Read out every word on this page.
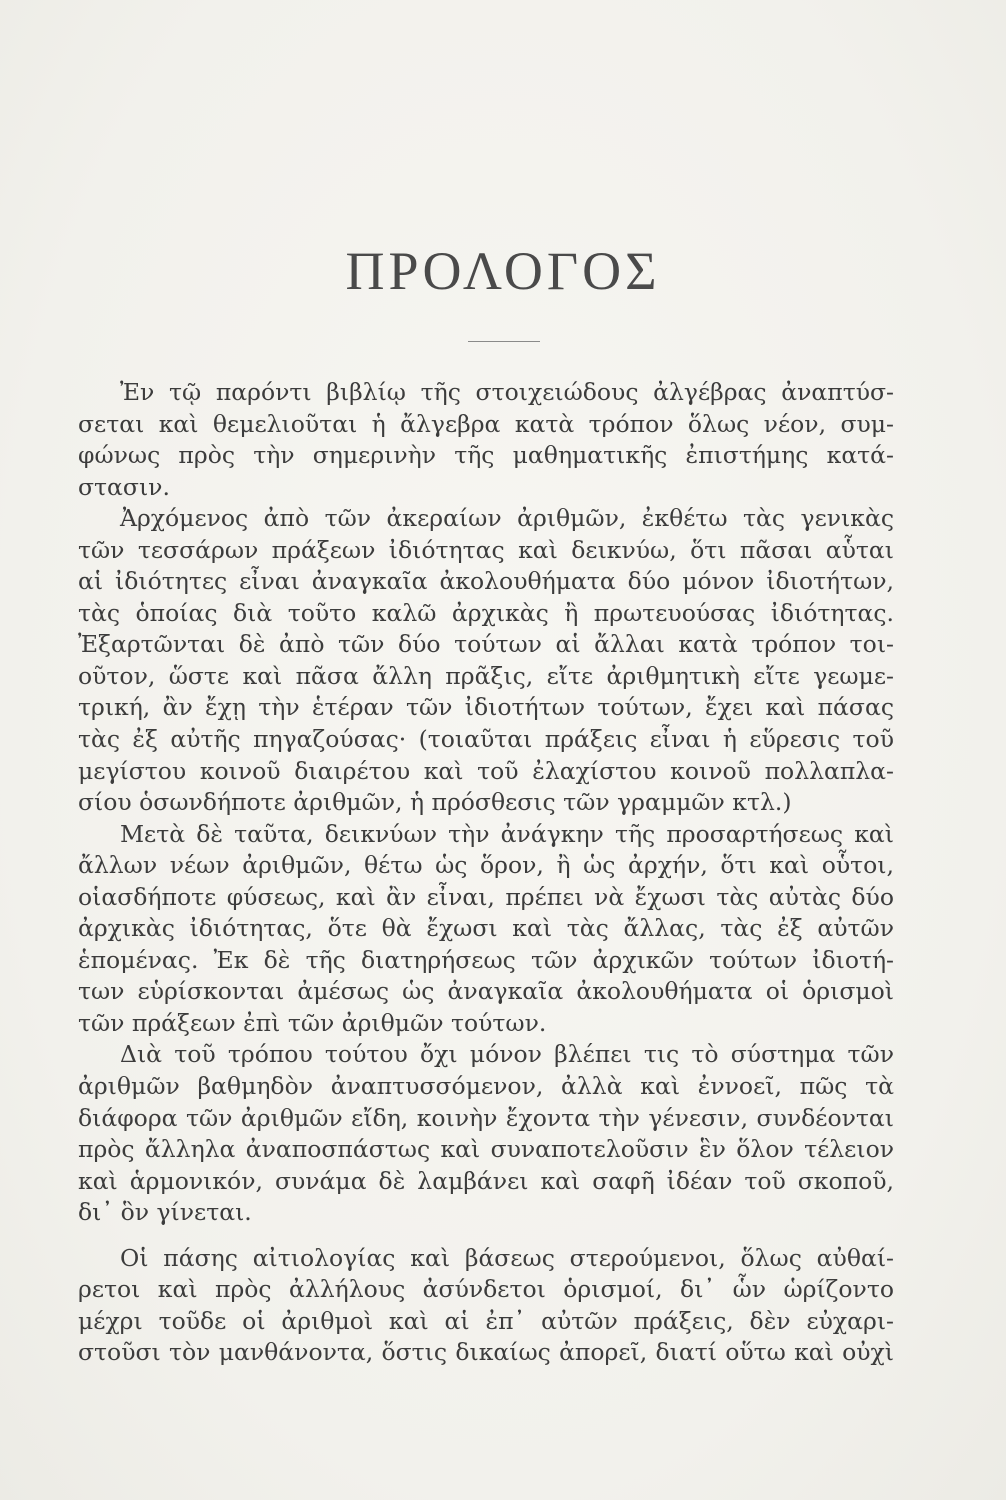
ΠΡΟΛΟΓΟΣ
Ἐν τῷ παρόντι βιβλίῳ τῆς στοιχειώδους ἀλγέβρας ἀναπτύσ-
σεται καὶ θεμελιοῦται ἡ ἄλγεβρα κατὰ τρόπον ὅλως νέον, συμ-
φώνως πρὸς τὴν σημερινὴν τῆς μαθηματικῆς ἐπιστήμης κατά-
στασιν.
Ἀρχόμενος ἀπὸ τῶν ἀκεραίων ἀριθμῶν, ἐκθέτω τὰς γενικὰς
τῶν τεσσάρων πράξεων ἰδιότητας καὶ δεικνύω, ὅτι πᾶσαι αὗται
αἱ ἰδιότητες εἶναι ἀναγκαῖα ἀκολουθήματα δύο μόνον ἰδιοτήτων,
τὰς ὁποίας διὰ τοῦτο καλῶ ἀρχικὰς ἢ πρωτευούσας ἰδιότητας.
Ἐξαρτῶνται δὲ ἀπὸ τῶν δύο τούτων αἱ ἄλλαι κατὰ τρόπον τοι-
οῦτον, ὥστε καὶ πᾶσα ἄλλη πρᾶξις, εἴτε ἀριθμητικὴ εἴτε γεωμε-
τρική, ἂν ἔχῃ τὴν ἑτέραν τῶν ἰδιοτήτων τούτων, ἔχει καὶ πάσας
τὰς ἐξ αὐτῆς πηγαζούσας· (τοιαῦται πράξεις εἶναι ἡ εὕρεσις τοῦ
μεγίστου κοινοῦ διαιρέτου καὶ τοῦ ἐλαχίστου κοινοῦ πολλαπλα-
σίου ὁσωνδήποτε ἀριθμῶν, ἡ πρόσθεσις τῶν γραμμῶν κτλ.)
Μετὰ δὲ ταῦτα, δεικνύων τὴν ἀνάγκην τῆς προσαρτήσεως καὶ
ἄλλων νέων ἀριθμῶν, θέτω ὡς ὅρον, ἢ ὡς ἀρχήν, ὅτι καὶ οὗτοι,
οἱασδήποτε φύσεως, καὶ ἂν εἶναι, πρέπει νὰ ἔχωσι τὰς αὐτὰς δύο
ἀρχικὰς ἰδιότητας, ὅτε θὰ ἔχωσι καὶ τὰς ἄλλας, τὰς ἐξ αὐτῶν
ἑπομένας. Ἐκ δὲ τῆς διατηρήσεως τῶν ἀρχικῶν τούτων ἰδιοτή-
των εὑρίσκονται ἀμέσως ὡς ἀναγκαῖα ἀκολουθήματα οἱ ὁρισμοὶ
τῶν πράξεων ἐπὶ τῶν ἀριθμῶν τούτων.
Διὰ τοῦ τρόπου τούτου ὄχι μόνον βλέπει τις τὸ σύστημα τῶν
ἀριθμῶν βαθμηδὸν ἀναπτυσσόμενον, ἀλλὰ καὶ ἐννοεῖ, πῶς τὰ
διάφορα τῶν ἀριθμῶν εἴδη, κοινὴν ἔχοντα τὴν γένεσιν, συνδέονται
πρὸς ἄλληλα ἀναποσπάστως καὶ συναποτελοῦσιν ἓν ὅλον τέλειον
καὶ ἁρμονικόν, συνάμα δὲ λαμβάνει καὶ σαφῆ ἰδέαν τοῦ σκοποῦ,
δι᾽ ὃν γίνεται.
Οἱ πάσης αἰτιολογίας καὶ βάσεως στερούμενοι, ὅλως αὐθαί-
ρετοι καὶ πρὸς ἀλλήλους ἀσύνδετοι ὁρισμοί, δι᾽ ὧν ὡρίζοντο
μέχρι τοῦδε οἱ ἀριθμοὶ καὶ αἱ ἐπ᾽ αὐτῶν πράξεις, δὲν εὐχαρι-
στοῦσι τὸν μανθάνοντα, ὅστις δικαίως ἀπορεῖ, διατί οὕτω καὶ οὐχὶ
